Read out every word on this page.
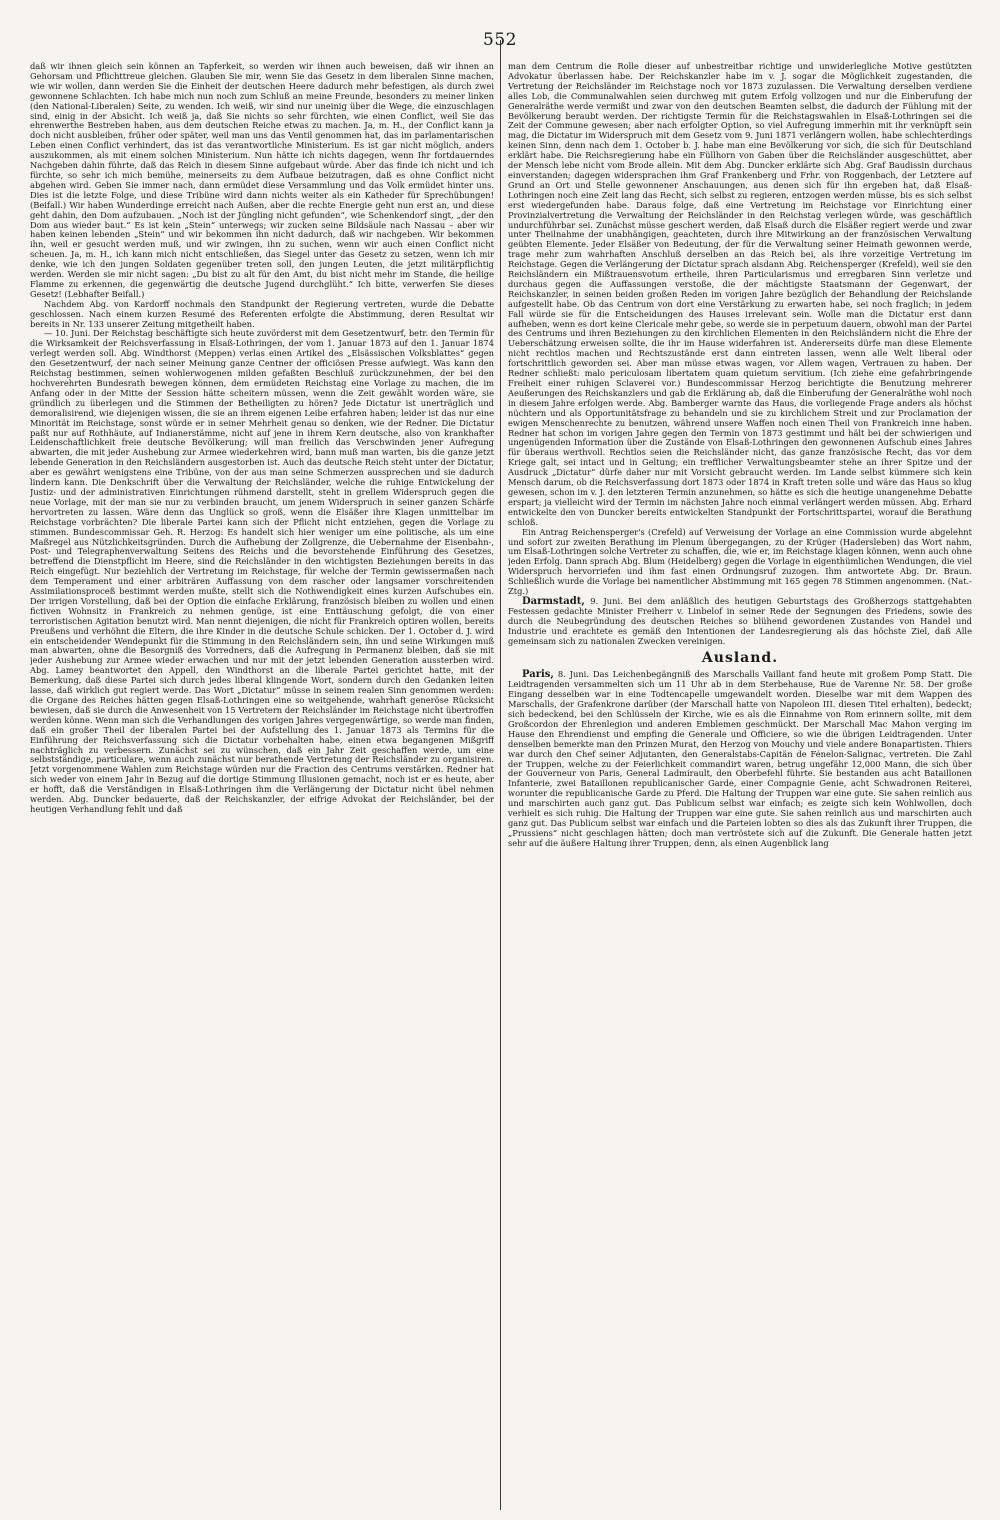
552

daß wir ihnen gleich sein können an Tapferkeit, so werden wir ihnen auch beweisen, daß wir ihnen an Gehorsam und Pflichttreue gleichen. Glauben Sie mir, wenn Sie das Gesetz in dem liberalen Sinne machen, wie wir wollen, dann werden Sie die Einheit der deutschen Heere dadurch mehr befestigen, als durch zwei gewonnene Schlachten. Ich habe mich nun noch zum Schluß an meine Freunde, besonders zu meiner linken (den National-Liberalen) Seite, zu wenden. Ich weiß, wir sind nur uneinig über die Wege, die einzuschlagen sind, einig in der Absicht. Ich weiß ja, daß Sie nichts so sehr fürchten, wie einen Conflict, weil Sie das ehrenwerthe Bestreben haben, aus dem deutschen Reiche etwas zu machen. Ja, m. H., der Conflict kann ja doch nicht ausbleiben, früher oder später, weil man uns das Ventil genommen hat, das im parlamentarischen Leben einen Conflict verhindert, das ist das verantwortliche Ministerium. Es ist gar nicht möglich, anders auszukommen, als mit einem solchen Ministerium. Nun hätte ich nichts dagegen, wenn Ihr fortdauerndes Nachgeben dahin führte, daß das Reich in diesem Sinne aufgebaut würde. Aber das finde ich nicht und ich fürchte, so sehr ich mich bemühe, meinerseits zu dem Aufbaue beizutragen, daß es ohne Conflict nicht abgehen wird. Geben Sie immer nach, dann ermüdet diese Versammlung und das Volk ermüdet hinter uns. Dies ist die letzte Folge, und diese Tribüne wird dann nichts weiter als ein Katheder für Sprechübungen! (Beifall.) Wir haben Wunderdinge erreicht nach Außen, aber die rechte Energie geht nun erst an, und diese geht dahin, den Dom aufzubauen. „Noch ist der Jüngling nicht gefunden“, wie Schenkendorf singt, „der den Dom aus wieder baut.“ Es ist kein „Stein“ unterwegs; wir zucken seine Bildsäule nach Nassau – aber wir haben keinen lebenden „Stein“ und wir bekommen ihn nicht dadurch, daß wir nachgeben. Wir bekommen ihn, weil er gesucht werden muß, und wir zwingen, ihn zu suchen, wenn wir auch einen Conflict nicht scheuen. Ja, m. H., ich kann mich nicht entschließen, das Siegel unter das Gesetz zu setzen, wenn ich mir denke, wie ich den jungen Soldaten gegenüber treten soll, den jungen Leuten, die jetzt militärpflichtig werden. Werden sie mir nicht sagen: „Du bist zu alt für den Amt, du bist nicht mehr im Stande, die heilige Flamme zu erkennen, die gegenwärtig die deutsche Jugend durchglüht.“ Ich bitte, verwerfen Sie dieses Gesetz! (Lebhafter Beifall.)

Nachdem Abg. von Kardorff nochmals den Standpunkt der Regierung vertreten, wurde die Debatte geschlossen. Nach einem kurzen Resumé des Referenten erfolgte die Abstimmung, deren Resultat wir bereits in Nr. 133 unserer Zeitung mitgetheilt haben.

— 10. Juni. Der Reichstag beschäftigte sich heute zuvörderst mit dem Gesetzentwurf, betr. den Termin für die Wirksamkeit der Reichsverfassung in Elsaß-Lothringen, der vom 1. Januar 1873 auf den 1. Januar 1874 verlegt werden soll. Abg. Windthorst (Meppen) verlas einen Artikel des „Elsässischen Volksblattes“ gegen den Gesetzentwurf, der nach seiner Meinung ganze Centner der officiösen Presse aufwiegt. Was kann den Reichstag bestimmen, seinen wohlerwogenen milden gefaßten Beschluß zurückzunehmen, der bei den hochverehrten Bundesrath bewegen können, dem ermüdeten Reichstag eine Vorlage zu machen, die im Anfang oder in der Mitte der Session hätte scheitern müssen, wenn die Zeit gewählt worden wäre, sie gründlich zu überlegen und die Stimmen der Betheiligten zu hören? Jede Dictatur ist unerträglich und demoralisirend, wie diejenigen wissen, die sie an ihrem eigenen Leibe erfahren haben; leider ist das nur eine Minorität im Reichstage, sonst würde er in seiner Mehrheit genau so denken, wie der Redner. Die Dictatur paßt nur auf Rothhäute, auf Indianerstämme, nicht auf jene in ihrem Kern deutsche, also von krankhafter Leidenschaftlichkeit freie deutsche Bevölkerung; will man freilich das Verschwinden jener Aufregung abwarten, die mit jeder Aushebung zur Armee wiederkehren wird, bann muß man warten, bis die ganze jetzt lebende Generation in den Reichsländern ausgestorben ist. Auch das deutsche Reich steht unter der Dictatur, aber es gewährt wenigstens eine Tribüne, von der aus man seine Schmerzen aussprechen und sie dadurch lindern kann. Die Denkschrift über die Verwaltung der Reichsländer, welche die ruhige Entwickelung der Justiz- und der administrativen Einrichtungen rühmend darstellt, steht in grellem Widerspruch gegen die neue Vorlage, mit der man sie nur zu verbinden braucht, um jenem Widerspruch in seiner ganzen Schärfe hervortreten zu lassen. Wäre denn das Unglück so groß, wenn die Elsäßer ihre Klagen unmittelbar im Reichstage vorbrächten? Die liberale Partei kann sich der Pflicht nicht entziehen, gegen die Vorlage zu stimmen. Bundescommissar Geh. R. Herzog: Es handelt sich hier weniger um eine politische, als um eine Maßregel aus Nützlichkeitsgründen. Durch die Aufhebung der Zollgrenze, die Uebernahme der Eisenbahn-, Post- und Telegraphenverwaltung Seitens des Reichs und die bevorstehende Einführung des Gesetzes, betreffend die Dienstpflicht im Heere, sind die Reichsländer in den wichtigsten Beziehungen bereits in das Reich eingefügt. Nur beziehlich der Vertretung im Reichstage, für welche der Termin gewissermaßen nach dem Temperament und einer arbiträren Auffassung von dem rascher oder langsamer vorschreitenden Assimilationsproceß bestimmt werden mußte, stellt sich die Nothwendigkeit eines kurzen Aufschubes ein. Der irrigen Vorstellung, daß bei der Option die einfache Erklärung, französisch bleiben zu wollen und einen fictiven Wohnsitz in Frankreich zu nehmen genüge, ist eine Enttäuschung gefolgt, die von einer terroristischen Agitation benutzt wird. Man nennt diejenigen, die nicht für Frankreich optiren wollen, bereits Preußens und verhöhnt die Eltern, die ihre Kinder in die deutsche Schule schicken. Der 1. October d. J. wird ein entscheidender Wendepunkt für die Stimmung in den Reichsländern sein, ihn und seine Wirkungen muß man abwarten, ohne die Besorgniß des Vorredners, daß die Aufregung in Permanenz bleiben, daß sie mit jeder Aushebung zur Armee wieder erwachen und nur mit der jetzt lebenden Generation aussterben wird. Abg. Lamey beantwortet den Appell, den Windthorst an die liberale Partei gerichtet hatte, mit der Bemerkung, daß diese Partei sich durch jedes liberal klingende Wort, sondern durch den Gedanken leiten lasse, daß wirklich gut regiert werde. Das Wort „Dictatur“ müsse in seinem realen Sinn genommen werden: die Organe des Reiches hätten gegen Elsaß-Lothringen eine so weitgehende, wahrhaft generöse Rücksicht bewiesen, daß sie durch die Anwesenheit von 15 Vertretern der Reichsländer im Reichstage nicht übertroffen werden könne. Wenn man sich die Verhandlungen des vorigen Jahres vergegenwärtige, so werde man finden, daß ein großer Theil der liberalen Partei bei der Aufstellung des 1. Januar 1873 als Termins für die Einführung der Reichsverfassung sich die Dictatur vorbehalten habe, einen etwa begangenen Mißgriff nachträglich zu verbessern. Zunächst sei zu wünschen, daß ein Jahr Zeit geschaffen werde, um eine selbstständige, particulare, wenn auch zunächst nur berathende Vertretung der Reichsländer zu organisiren. Jetzt vorgenommene Wahlen zum Reichstage würden nur die Fraction des Centrums verstärken. Redner hat sich weder von einem Jahr in Bezug auf die dortige Stimmung Illusionen gemacht, noch ist er es heute, aber er hofft, daß die Verständigen in Elsaß-Lothringen ihm die Verlängerung der Dictatur nicht übel nehmen werden. Abg. Duncker bedauerte, daß der Reichskanzler, der eifrige Advokat der Reichsländer, bei der heutigen Verhandlung fehlt und daß

man dem Centrum die Rolle dieser auf unbestreitbar richtige und unwiderlegliche Motive gestützten Advokatur überlassen habe. Der Reichskanzler habe im v. J. sogar die Möglichkeit zugestanden, die Vertretung der Reichsländer im Reichstage noch vor 1873 zuzulassen. Die Verwaltung derselben verdiene alles Lob, die Communalwahlen seien durchweg mit gutem Erfolg vollzogen und nur die Einberufung der Generalräthe werde vermißt und zwar von den deutschen Beamten selbst, die dadurch der Fühlung mit der Bevölkerung beraubt werden. Der richtigste Termin für die Reichstagswahlen in Elsaß-Lothringen sei die Zeit der Commune gewesen; aber nach erfolgter Option, so viel Aufregung immerhin mit ihr verknüpft sein mag, die Dictatur im Widerspruch mit dem Gesetz vom 9. Juni 1871 verlängern wollen, habe schlechterdings keinen Sinn, denn nach dem 1. October b. J. habe man eine Bevölkerung vor sich, die sich für Deutschland erklärt habe. Die Reichsregierung habe ein Füllhorn von Gaben über die Reichsländer ausgeschüttet, aber der Mensch lebe nicht vom Brode allein. Mit dem Abg. Duncker erklärte sich Abg. Graf Baudissin durchaus einverstanden; dagegen widersprachen ihm Graf Frankenberg und Frhr. von Roggenbach, der Letztere auf Grund an Ort und Stelle gewonnener Anschauungen, aus denen sich für ihn ergeben hat, daß Elsaß-Lothringen noch eine Zeit lang das Recht, sich selbst zu regieren, entzogen werden müsse, bis es sich selbst erst wiedergefunden habe. Daraus folge, daß eine Vertretung im Reichstage vor Einrichtung einer Provinzialvertretung die Verwaltung der Reichsländer in den Reichstag verlegen würde, was geschäftlich undurchführbar sei. Zunächst müsse geschert werden, daß Elsaß durch die Elsäßer regiert werde und zwar unter Theilnahme der unabhängigen, geachteten, durch ihre Mitwirkung an der französischen Verwaltung geübten Elemente. Jeder Elsäßer von Bedeutung, der für die Verwaltung seiner Heimath gewonnen werde, trage mehr zum wahrhaften Anschluß derselben an das Reich bei, als ihre vorzeitige Vertretung im Reichstage. Gegen die Verlängerung der Dictatur sprach alsdann Abg. Reichensperger (Krefeld), weil sie den Reichsländern ein Mißtrauensvotum ertheile, ihren Particularismus und erregbaren Sinn verletze und durchaus gegen die Auffassungen verstoße, die der mächtigste Staatsmann der Gegenwart, der Reichskanzler, in seinen beiden großen Reden im vorigen Jahre bezüglich der Behandlung der Reichslande aufgestellt habe. Ob das Centrum von dort eine Verstärkung zu erwarten habe, sei noch fraglich; in jedem Fall würde sie für die Entscheidungen des Hauses irrelevant sein. Wolle man die Dictatur erst dann aufheben, wenn es dort keine Clericale mehr gebe, so werde sie in perpetuum dauern, obwohl man der Partei des Centrums und ihren Beziehungen zu den kirchlichen Elementen in den Reichsländern nicht die Ehre der Ueberschätzung erweisen sollte, die ihr im Hause widerfahren ist. Andererseits dürfe man diese Elemente nicht rechtlos machen und Rechtszustände erst dann eintreten lassen, wenn alle Welt liberal oder fortschrittlich geworden sei. Aber man müsse etwas wagen, vor Allem wagen, Vertrauen zu haben. Der Redner schließt: malo periculosam libertatem quam quietum servitium. (Ich ziehe eine gefahrbringende Freiheit einer ruhigen Sclaverei vor.) Bundescommissar Herzog berichtigte die Benutzung mehrerer Aeußerungen des Reichskanzlers und gab die Erklärung ab, daß die Einberufung der Generalräthe wohl noch in diesem Jahre erfolgen werde. Abg. Bamberger warnte das Haus, die vorliegende Frage anders als höchst nüchtern und als Opportunitätsfrage zu behandeln und sie zu kirchlichem Streit und zur Proclamation der ewigen Menschenrechte zu benutzen, während unsere Waffen noch einen Theil von Frankreich inne haben. Redner hat schon im vorigen Jahre gegen den Termin von 1873 gestimmt und hält bei der schwierigen und ungenügenden Information über die Zustände von Elsaß-Lothringen den gewonnenen Aufschub eines Jahres für überaus werthvoll. Rechtlos seien die Reichsländer nicht, das ganze französische Recht, das vor dem Kriege galt, sei intact und in Geltung; ein trefflicher Verwaltungsbeamter stehe an ihrer Spitze und der Ausdruck „Dictatur“ dürfe daher nur mit Vorsicht gebraucht werden. Im Lande selbst kümmere sich kein Mensch darum, ob die Reichsverfassung dort 1873 oder 1874 in Kraft treten solle und wäre das Haus so klug gewesen, schon im v. J. den letzteren Termin anzunehmen, so hätte es sich die heutige unangenehme Debatte erspart; ja vielleicht wird der Termin im nächsten Jahre noch einmal verlängert werden müssen. Abg. Erhard entwickelte den von Duncker bereits entwickelten Standpunkt der Fortschrittspartei, worauf die Berathung schloß.

Ein Antrag Reichensperger's (Crefeld) auf Verweisung der Vorlage an eine Commission wurde abgelehnt und sofort zur zweiten Berathung im Plenum übergegangen, zu der Krüger (Hadersleben) das Wort nahm, um Elsaß-Lothringen solche Vertreter zu schaffen, die, wie er, im Reichstage klagen können, wenn auch ohne jeden Erfolg. Dann sprach Abg. Blum (Heidelberg) gegen die Vorlage in eigenthümlichen Wendungen, die viel Widerspruch hervorriefen und ihm fast einen Ordnungsruf zuzogen. Ihm antwortete Abg. Dr. Braun. Schließlich wurde die Vorlage bei namentlicher Abstimmung mit 165 gegen 78 Stimmen angenommen. (Nat.-Ztg.)

Darmstadt, 9. Juni. Bei dem anläßlich des heutigen Geburtstags des Großherzogs stattgehabten Festessen gedachte Minister Freiherr v. Linbelof in seiner Rede der Segnungen des Friedens, sowie des durch die Neubegründung des deutschen Reiches so blühend gewordenen Zustandes von Handel und Industrie und erachtete es gemäß den Intentionen der Landesregierung als das höchste Ziel, daß Alle gemeinsam sich zu nationalen Zwecken vereinigen.

Ausland.

Paris, 8. Juni. Das Leichenbegängniß des Marschalls Vaillant fand heute mit großem Pomp Statt. Die Leidtragenden versammelten sich um 11 Uhr ab in dem Sterbehause, Rue de Varenne Nr. 58. Der große Eingang desselben war in eine Todtencapelle umgewandelt worden. Dieselbe war mit dem Wappen des Marschalls, der Grafenkrone darüber (der Marschall hatte von Napoleon III. diesen Titel erhalten), bedeckt; sich bedeckend, bei den Schlüsseln der Kirche, wie es als die Einnahme von Rom erinnern sollte, mit dem Großcordon der Ehrenlegion und anderen Emblemen geschmückt. Der Marschall Mac Mahon verging im Hause den Ehrendienst und empfing die Generale und Officiere, so wie die übrigen Leidtragenden. Unter denselben bemerkte man den Prinzen Murat, den Herzog von Mouchy und viele andere Bonapartisten. Thiers war durch den Chef seiner Adjutanten, den Generalstabs-Capitän de Fénelon-Salignac, vertreten. Die Zahl der Truppen, welche zu der Feierlichkeit commandirt waren, betrug ungefähr 12,000 Mann, die sich über der Gouverneur von Paris, General Ladmirault, den Oberbefehl führte. Sie bestanden aus acht Bataillonen Infanterie, zwei Bataillonen republicanischer Garde, einer Compagnie Genie, acht Schwadronen Reiterei, worunter die republicanische Garde zu Pferd. Die Haltung der Truppen war eine gute. Sie sahen reinlich aus und marschirten auch ganz gut. Das Publicum selbst war einfach; es zeigte sich kein Wohlwollen, doch verhielt es sich ruhig. Die Haltung der Truppen war eine gute. Sie sahen reinlich aus und marschirten auch ganz gut. Das Publicum selbst war einfach und die Parteien lobten so dies als das Zukunft ihrer Truppen, die „Prussiens“ nicht geschlagen hätten; doch man vertröstete sich auf die Zukunft. Die Generale hatten jetzt sehr auf die äußere Haltung ihrer Truppen, denn, als einen Augenblick lang
